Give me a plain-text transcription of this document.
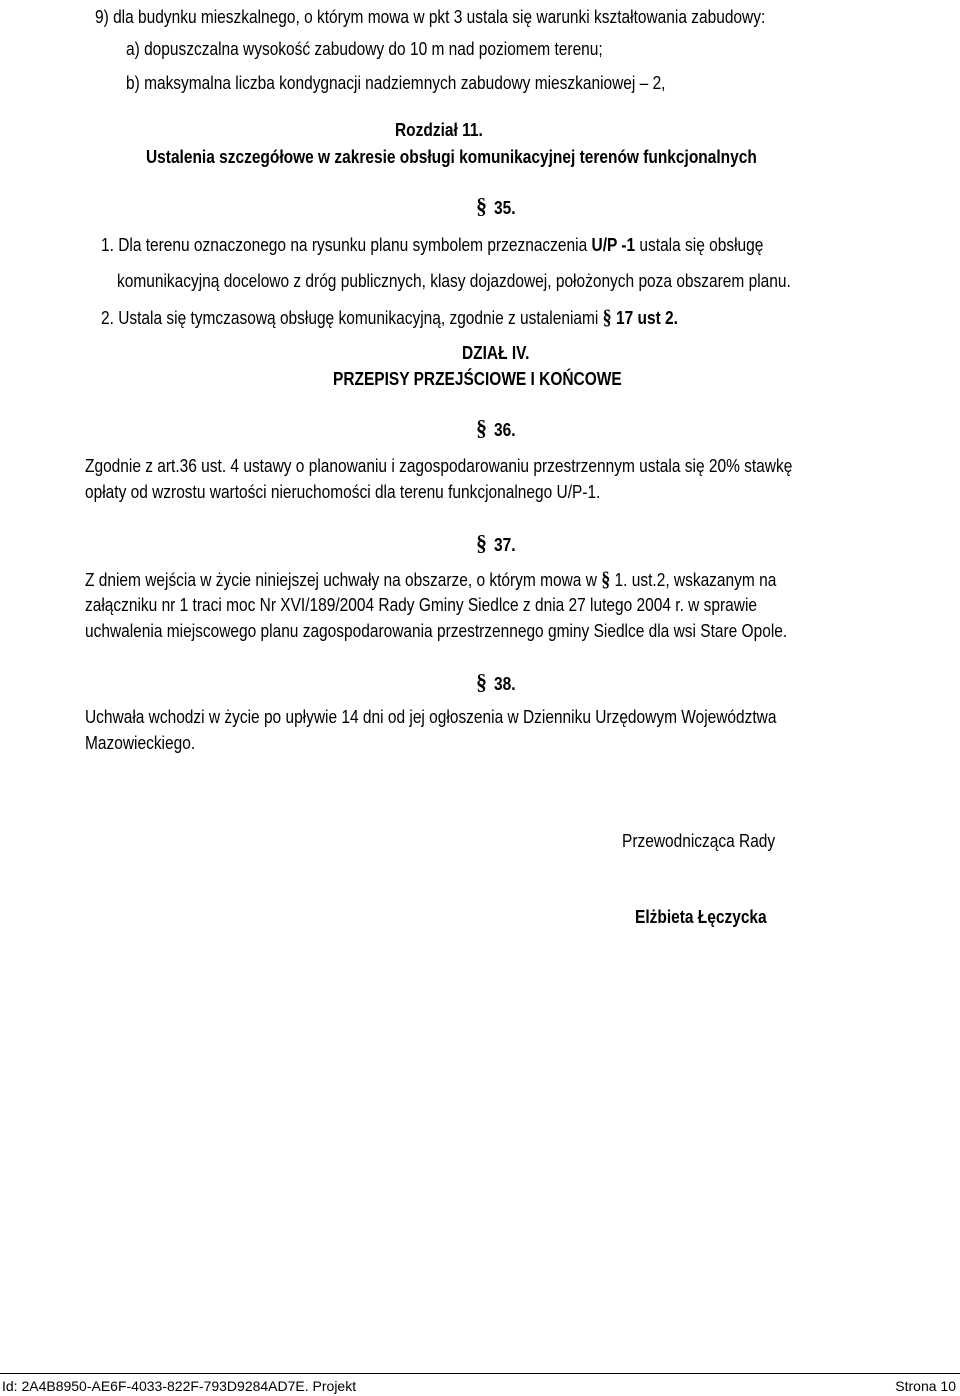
9) dla budynku mieszkalnego, o którym mowa w pkt 3 ustala się warunki kształtowania zabudowy:
a) dopuszczalna wysokość zabudowy do 10 m nad poziomem terenu;
b) maksymalna liczba kondygnacji nadziemnych zabudowy mieszkaniowej – 2,
Rozdział 11.
Ustalenia szczegółowe w zakresie obsługi komunikacyjnej terenów funkcjonalnych
§ 35.
1. Dla terenu oznaczonego na rysunku planu symbolem przeznaczenia U/P -1 ustala się obsługę
komunikacyjną docelowo z dróg publicznych, klasy dojazdowej, położonych poza obszarem planu.
2. Ustala się tymczasową obsługę komunikacyjną, zgodnie z ustaleniami § 17 ust 2.
DZIAŁ IV.
PRZEPISY PRZEJŚCIOWE I KOŃCOWE
§ 36.
Zgodnie z art.36 ust. 4 ustawy o planowaniu i zagospodarowaniu przestrzennym ustala się 20% stawkę
opłaty od wzrostu wartości nieruchomości dla terenu funkcjonalnego U/P-1.
§ 37.
Z dniem wejścia w życie niniejszej uchwały na obszarze, o którym mowa w § 1. ust.2, wskazanym na
załączniku nr 1 traci moc Nr XVI/189/2004 Rady Gminy Siedlce z dnia 27 lutego 2004 r. w sprawie
uchwalenia miejscowego planu zagospodarowania przestrzennego gminy Siedlce dla wsi Stare Opole.
§ 38.
Uchwała wchodzi w życie po upływie 14 dni od jej ogłoszenia w Dzienniku Urzędowym Województwa
Mazowieckiego.
Przewodnicząca Rady
Elżbieta Łęczycka
Id: 2A4B8950-AE6F-4033-822F-793D9284AD7E. Projekt	Strona 10
